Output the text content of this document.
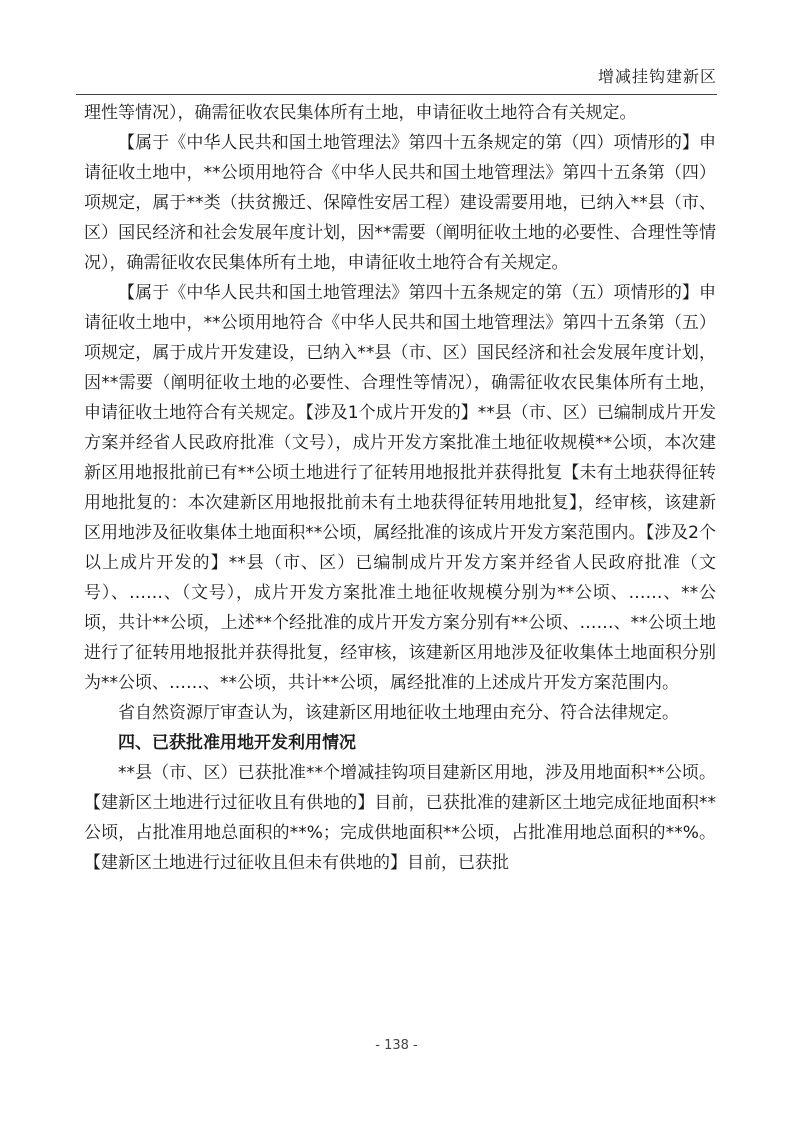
增减挂钩建新区

理性等情况），确需征收农民集体所有土地，申请征收土地符合有关规定。

【属于《中华人民共和国土地管理法》第四十五条规定的第（四）项情形的】申请征收土地中，**公顷用地符合《中华人民共和国土地管理法》第四十五条第（四）项规定，属于**类（扶贫搬迁、保障性安居工程）建设需要用地，已纳入**县（市、区）国民经济和社会发展年度计划，因**需要（阐明征收土地的必要性、合理性等情况），确需征收农民集体所有土地，申请征收土地符合有关规定。

【属于《中华人民共和国土地管理法》第四十五条规定的第（五）项情形的】申请征收土地中，**公顷用地符合《中华人民共和国土地管理法》第四十五条第（五）项规定，属于成片开发建设，已纳入**县（市、区）国民经济和社会发展年度计划，因**需要（阐明征收土地的必要性、合理性等情况），确需征收农民集体所有土地，申请征收土地符合有关规定。【涉及1个成片开发的】**县（市、区）已编制成片开发方案并经省人民政府批准（文号），成片开发方案批准土地征收规模**公顷，本次建新区用地报批前已有**公顷土地进行了征转用地报批并获得批复【未有土地获得征转用地批复的：本次建新区用地报批前未有土地获得征转用地批复】，经审核，该建新区用地涉及征收集体土地面积**公顷，属经批准的该成片开发方案范围内。【涉及2个以上成片开发的】**县（市、区）已编制成片开发方案并经省人民政府批准（文号）、……、（文号），成片开发方案批准土地征收规模分别为**公顷、……、**公顷，共计**公顷，上述**个经批准的成片开发方案分别有**公顷、……、**公顷土地进行了征转用地报批并获得批复，经审核，该建新区用地涉及征收集体土地面积分别为**公顷、……、**公顷，共计**公顷，属经批准的上述成片开发方案范围内。

省自然资源厅审查认为，该建新区用地征收土地理由充分、符合法律规定。

四、已获批准用地开发利用情况

**县（市、区）已获批准**个增减挂钩项目建新区用地，涉及用地面积**公顷。【建新区土地进行过征收且有供地的】目前，已获批准的建新区土地完成征地面积**公顷，占批准用地总面积的**%；完成供地面积**公顷，占批准用地总面积的**%。【建新区土地进行过征收且但未有供地的】目前，已获批

- 138 -
